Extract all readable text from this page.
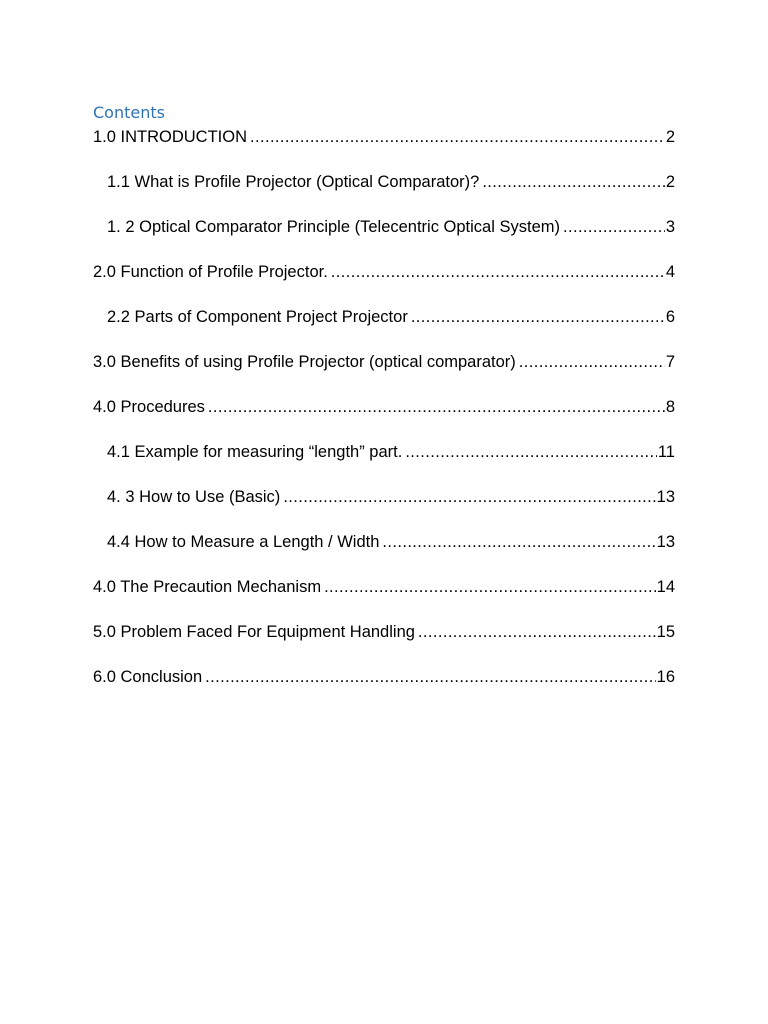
Contents
1.0 INTRODUCTION .....	2
1.1 What is Profile Projector (Optical Comparator)? .....	2
1. 2 Optical Comparator Principle (Telecentric Optical System) .....	3
2.0 Function of Profile Projector. .....	4
2.2 Parts of Component Project Projector .....	6
3.0 Benefits of using Profile Projector (optical comparator) .....	7
4.0 Procedures .....	8
4.1 Example for measuring “length” part. .....	11
4. 3 How to Use (Basic) .....	13
4.4 How to Measure a Length / Width .....	13
4.0 The Precaution Mechanism .....	14
5.0 Problem Faced For Equipment Handling .....	15
6.0 Conclusion .....	16
